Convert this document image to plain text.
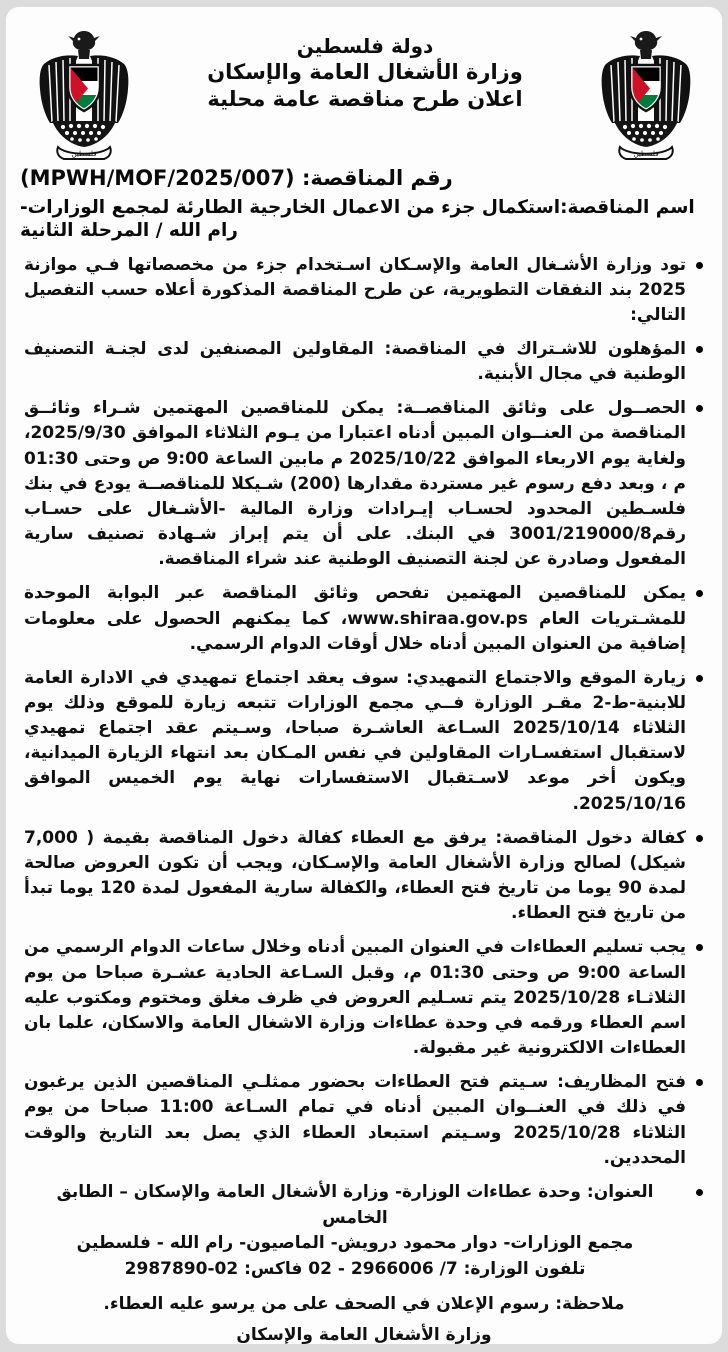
فلسطين
دولة فلسطين
وزارة الأشغال العامة والإسكان
اعلان طرح مناقصة عامة محلية
فلسطين
رقم المناقصة: (MPWH/MOF/2025/007)
اسم المناقصة:استكمال جزء من الاعمال الخارجية الطارئة لمجمع الوزارات- رام الله / المرحلة الثانية
تود وزارة الأشـغال العامة والإسـكان اسـتخدام جزء من مخصصاتها فـي موازنة 2025 بند النفقات التطويرية، عن طرح المناقصة المذكورة أعلاه حسب التفصيل التالي:
المؤهلون للاشـتراك في المناقصة: المقاولين المصنفين لدى لجنـة التصنيف الوطنية في مجال الأبنية.
الحصــول على وثائق المناقصــة: يمكن للمناقصين المهتمين شـراء وثائــق المناقصة من العنــوان المبين أدناه اعتبارا من يـوم الثلاثاء الموافق 2025/9/30، ولغاية يوم الاربعاء الموافق 2025/10/22 م مابين الساعة 9:00 ص وحتى 01:30 م ، وبعد دفع رسوم غير مستردة مقدارها (200) شـيكلا للمناقصــة يودع في بنك فلسـطين المحدود لحسـاب إيـرادات وزارة المالية -الأشـغال على حسـاب رقم3001/219000/8 في البنك. على أن يتم إبراز شـهادة تصنيف سارية المفعول وصادرة عن لجنة التصنيف الوطنية عند شراء المناقصة.
يمكن للمناقصين المهتمين تفحص وثائق المناقصة عبر البوابة الموحدة للمشـتريات العام www.shiraa.gov.ps، كما يمكنهم الحصول على معلومات إضافية من العنوان المبين أدناه خلال أوقات الدوام الرسمي.
زيارة الموقع والاجتماع التمهيدي: سوف يعقد اجتماع تمهيدي في الادارة العامة للابنية-ط-2 مقـر الوزارة فــي مجمع الوزارات تتبعه زيارة للموقع وذلك يوم الثلاثاء 2025/10/14 السـاعة العاشـرة صباحا، وسـيتم عقد اجتماع تمهيدي لاستقبال استفسـارات المقاولين في نفس المـكان بعد انتهاء الزيارة الميدانية، ويكون أخر موعد لاسـتقبال الاستفسارات نهاية يوم الخميس الموافق 2025/10/16.
كفالة دخول المناقصة: يرفق مع العطاء كفالة دخول المناقصة بقيمة ( 7,000 شيكل) لصالح وزارة الأشغال العامة والإسـكان، ويجب أن تكون العروض صالحة لمدة 90 يوما من تاريخ فتح العطاء، والكفالة سارية المفعول لمدة 120 يوما تبدأ من تاريخ فتح العطاء.
يجب تسليم العطاءات في العنوان المبين أدناه وخلال ساعات الدوام الرسمي من الساعة 9:00 ص وحتى 01:30 م، وقبل السـاعة الحادية عشـرة صباحا من يوم الثلاثـاء 2025/10/28 يتم تسـليم العروض في ظرف مغلق ومختوم ومكتوب عليه اسم العطاء ورقمه في وحدة عطاءات وزارة الاشغال العامة والاسكان، علما بان العطاءات الالكترونية غير مقبولة.
فتح المظاريف: سـيتم فتح العطاءات بحضور ممثلـي المناقصين الذين يرغبون في ذلك في العنــوان المبين أدناه في تمام السـاعة 11:00 صباحا من يوم الثلاثاء 2025/10/28 وسـيتم استبعاد العطاء الذي يصل بعد التاريخ والوقت المحددين.
العنوان: وحدة عطاءات الوزارة- وزارة الأشغال العامة والإسكان – الطابق الخامس
مجمع الوزارات- دوار محمود درويش- الماصيون- رام الله - فلسطين
تلفون الوزارة: 7/ 2966006 - 02 فاكس: 02-2987890
ملاحظة: رسوم الإعلان في الصحف على من يرسو عليه العطاء.
وزارة الأشغال العامة والإسكان
